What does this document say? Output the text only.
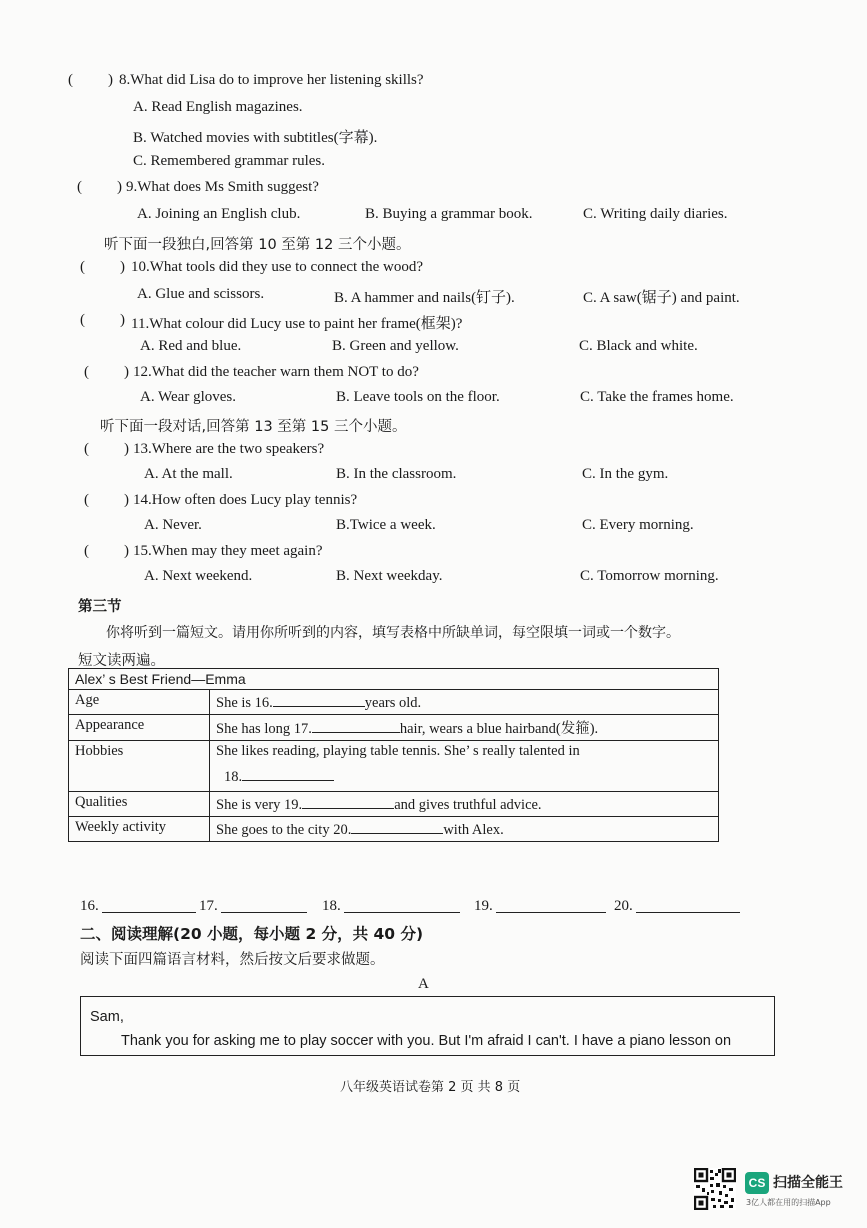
( ) 8.What did Lisa do to improve her listening skills?
A. Read English magazines.
B. Watched movies with subtitles(字幕).
C. Remembered grammar rules.
( ) 9.What does Ms Smith suggest?
A. Joining an English club.	B. Buying a grammar book.	C. Writing daily diaries.
听下面一段独白,回答第 10 至第 12 三个小题。
( ) 10.What tools did they use to connect the wood?
A. Glue and scissors.	B. A hammer and nails(钉子).	C. A saw(锯子) and paint.
( ) 11.What colour did Lucy use to paint her frame(框架)?
A. Red and blue.	B. Green and yellow.	C. Black and white.
( ) 12.What did the teacher warn them NOT to do?
A. Wear gloves.	B. Leave tools on the floor.	C. Take the frames home.
听下面一段对话,回答第 13 至第 15 三个小题。
( ) 13.Where are the two speakers?
A. At the mall.	B. In the classroom.	C. In the gym.
( ) 14.How often does Lucy play tennis?
A. Never.	B.Twice a week.	C. Every morning.
( ) 15.When may they meet again?
A. Next weekend.	B. Next weekday.	C. Tomorrow morning.
第三节
你将听到一篇短文。请用你所听到的内容，填写表格中所缺单词，每空限填一词或一个数字。
短文读两遍。
Alex’ s Best Friend—Emma	
Age	She is 16. years old.
Appearance	She has long 17. hair, wears a blue hairband(发箍).
Hobbies	She likes reading, playing table tennis. She’ s really talented in
18.

Qualities	She is very 19. and gives truthful advice.
Weekly activity	She goes to the city 20. with Alex.
16.	17.	18.	19.	20.
二、阅读理解(20 小题，每小题 2 分，共 40 分)
阅读下面四篇语言材料，然后按文后要求做题。
A
Sam,
Thank you for asking me to play soccer with you. But I'm afraid I can't. I have a piano lesson on
八年级英语试卷第 2 页 共 8 页
CS 扫描全能王
3亿人都在用的扫描App
